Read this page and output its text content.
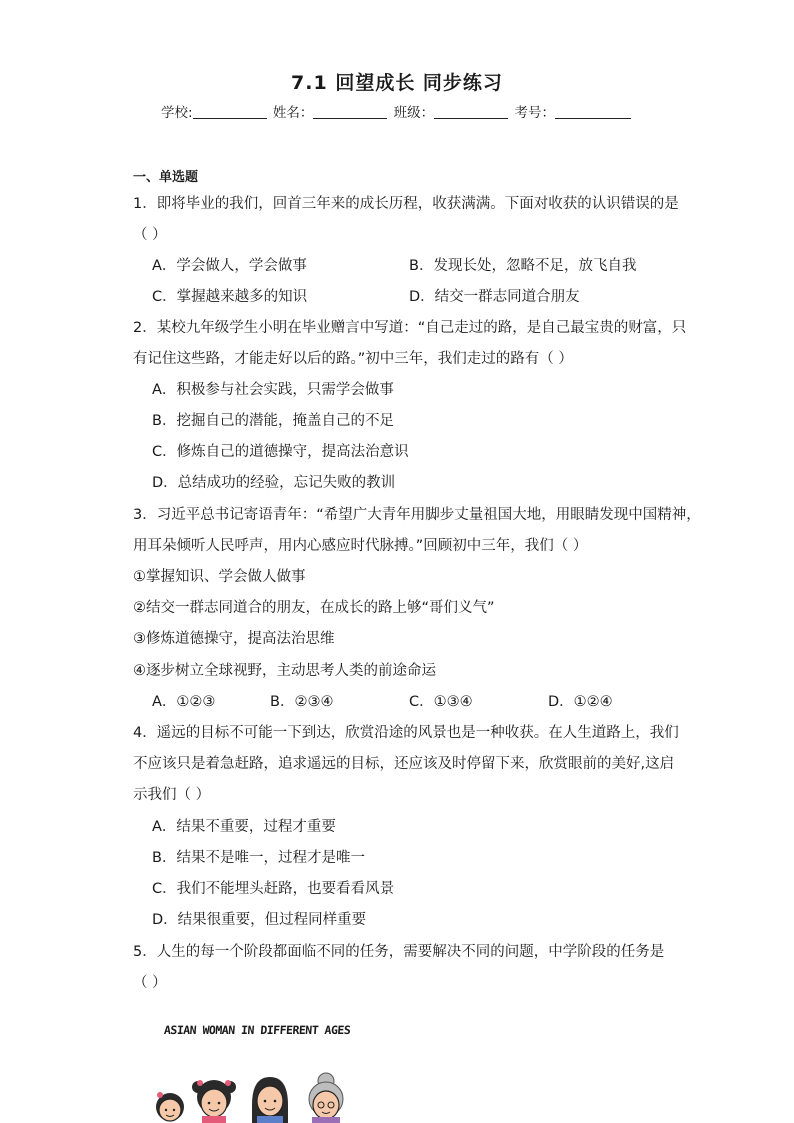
7.1 回望成长 同步练习
学校:	姓名：	班级：	考号：
一、单选题
1．即将毕业的我们，回首三年来的成长历程，收获满满。下面对收获的认识错误的是
（ ）
A．学会做人，学会做事	B．发现长处，忽略不足，放飞自我
C．掌握越来越多的知识	D．结交一群志同道合朋友
2．某校九年级学生小明在毕业赠言中写道：“自己走过的路，是自己最宝贵的财富，只
有记住这些路，才能走好以后的路。”初中三年，我们走过的路有（ ）
A．积极参与社会实践，只需学会做事
B．挖掘自己的潜能，掩盖自己的不足
C．修炼自己的道德操守，提高法治意识
D．总结成功的经验，忘记失败的教训
3．习近平总书记寄语青年：“希望广大青年用脚步丈量祖国大地，用眼睛发现中国精神，
用耳朵倾听人民呼声，用内心感应时代脉搏。”回顾初中三年，我们（ ）
①掌握知识、学会做人做事
②结交一群志同道合的朋友，在成长的路上够“哥们义气”
③修炼道德操守，提高法治思维
④逐步树立全球视野，主动思考人类的前途命运
A．①②③	B．②③④	C．①③④	D．①②④
4．遥远的目标不可能一下到达，欣赏沿途的风景也是一种收获。在人生道路上，我们
不应该只是着急赶路，追求遥远的目标，还应该及时停留下来，欣赏眼前的美好,这启
示我们（ ）
A．结果不重要，过程才重要
B．结果不是唯一，过程才是唯一
C．我们不能埋头赶路，也要看看风景
D．结果很重要，但过程同样重要
5．人生的每一个阶段都面临不同的任务，需要解决不同的问题，中学阶段的任务是
（ ）
ASIAN WOMAN IN DIFFERENT AGES
